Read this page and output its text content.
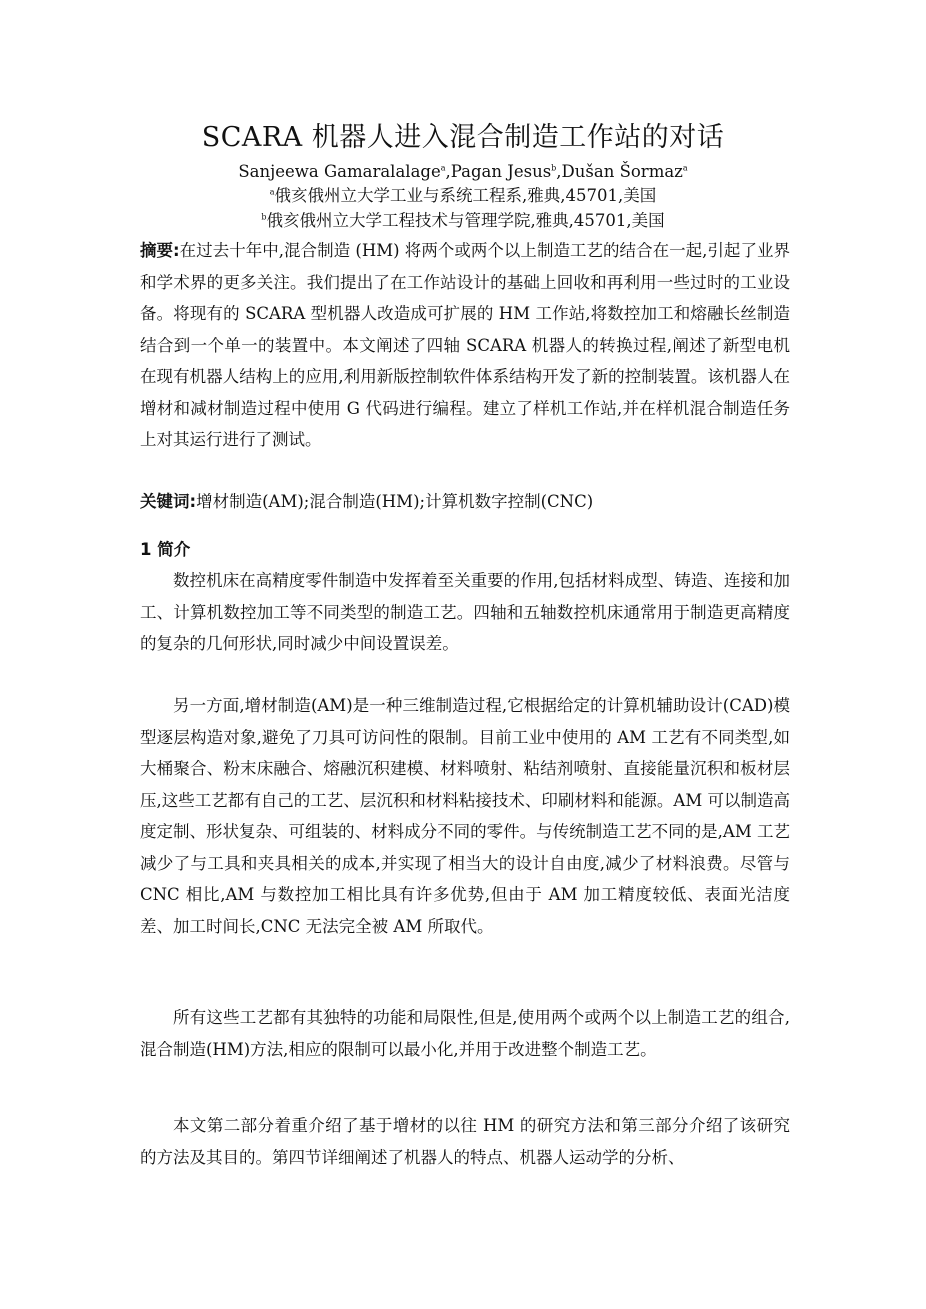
SCARA 机器人进入混合制造工作站的对话
Sanjeewa Gamaralalage$^a$,Pagan Jesus$^b$,Dušan Šormaz$^a$
$^a$俄亥俄州立大学工业与系统工程系,雅典,45701,美国
$^b$俄亥俄州立大学工程技术与管理学院,雅典,45701,美国
摘要:在过去十年中,混合制造 (HM) 将两个或两个以上制造工艺的结合在一起,引起了业界和学术界的更多关注。我们提出了在工作站设计的基础上回收和再利用一些过时的工业设备。将现有的 SCARA 型机器人改造成可扩展的 HM 工作站,将数控加工和熔融长丝制造结合到一个单一的装置中。本文阐述了四轴 SCARA 机器人的转换过程,阐述了新型电机在现有机器人结构上的应用,利用新版控制软件体系结构开发了新的控制装置。该机器人在增材和减材制造过程中使用 G 代码进行编程。建立了样机工作站,并在样机混合制造任务上对其运行进行了测试。
关键词:增材制造(AM);混合制造(HM);计算机数字控制(CNC)
1 简介

数控机床在高精度零件制造中发挥着至关重要的作用,包括材料成型、铸造、连接和加工、计算机数控加工等不同类型的制造工艺。四轴和五轴数控机床通常用于制造更高精度的复杂的几何形状,同时减少中间设置误差。

另一方面,增材制造(AM)是一种三维制造过程,它根据给定的计算机辅助设计(CAD)模型逐层构造对象,避免了刀具可访问性的限制。目前工业中使用的 AM 工艺有不同类型,如大桶聚合、粉末床融合、熔融沉积建模、材料喷射、粘结剂喷射、直接能量沉积和板材层压,这些工艺都有自己的工艺、层沉积和材料粘接技术、印刷材料和能源。AM 可以制造高度定制、形状复杂、可组装的、材料成分不同的零件。与传统制造工艺不同的是,AM 工艺减少了与工具和夹具相关的成本,并实现了相当大的设计自由度,减少了材料浪费。尽管与 CNC 相比,AM 与数控加工相比具有许多优势,但由于 AM 加工精度较低、表面光洁度差、加工时间长,CNC 无法完全被 AM 所取代。

所有这些工艺都有其独特的功能和局限性,但是,使用两个或两个以上制造工艺的组合,混合制造(HM)方法,相应的限制可以最小化,并用于改进整个制造工艺。

本文第二部分着重介绍了基于增材的以往 HM 的研究方法和第三部分介绍了该研究的方法及其目的。第四节详细阐述了机器人的特点、机器人运动学的分析、
